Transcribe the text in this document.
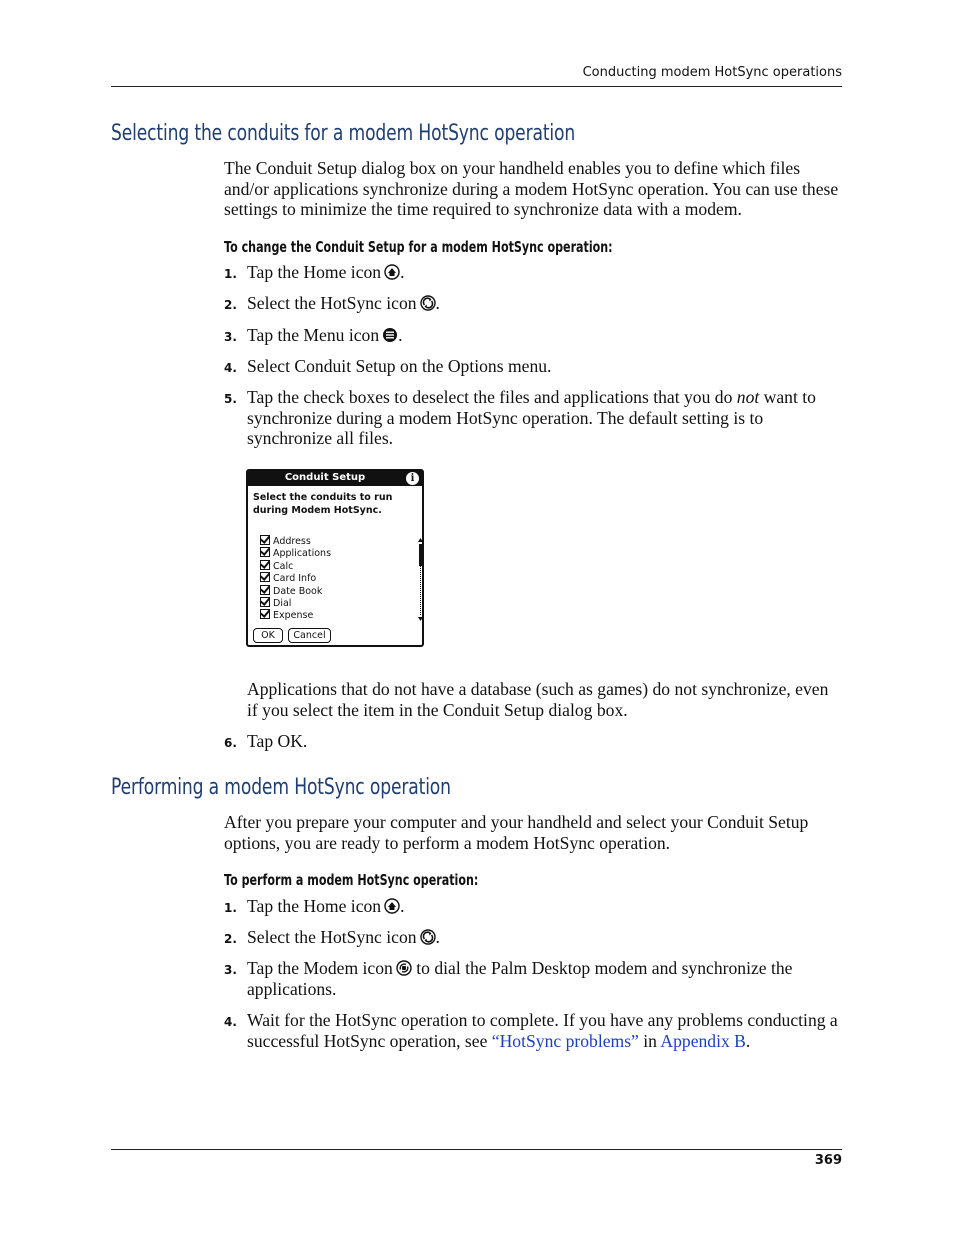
Conducting modem HotSync operations
Selecting the conduits for a modem HotSync operation
The Conduit Setup dialog box on your handheld enables you to define which files and/or applications synchronize during a modem HotSync operation. You can use these settings to minimize the time required to synchronize data with a modem.
To change the Conduit Setup for a modem HotSync operation:
1. Tap the Home icon .
2. Select the HotSync icon .
3. Tap the Menu icon .
4. Select Conduit Setup on the Options menu.
5. Tap the check boxes to deselect the files and applications that you do not want to synchronize during a modem HotSync operation. The default setting is to synchronize all files.
Conduit Setup	i
Select the conduits to run during Modem HotSync.
Address
Applications
Calc
Card Info
Date Book
Dial
Expense
OK	Cancel
Applications that do not have a database (such as games) do not synchronize, even if you select the item in the Conduit Setup dialog box.
6. Tap OK.
Performing a modem HotSync operation
After you prepare your computer and your handheld and select your Conduit Setup options, you are ready to perform a modem HotSync operation.
To perform a modem HotSync operation:
1. Tap the Home icon .
2. Select the HotSync icon .
3. Tap the Modem icon to dial the Palm Desktop modem and synchronize the applications.
4. Wait for the HotSync operation to complete. If you have any problems conducting a successful HotSync operation, see “HotSync problems” in Appendix B.
369
